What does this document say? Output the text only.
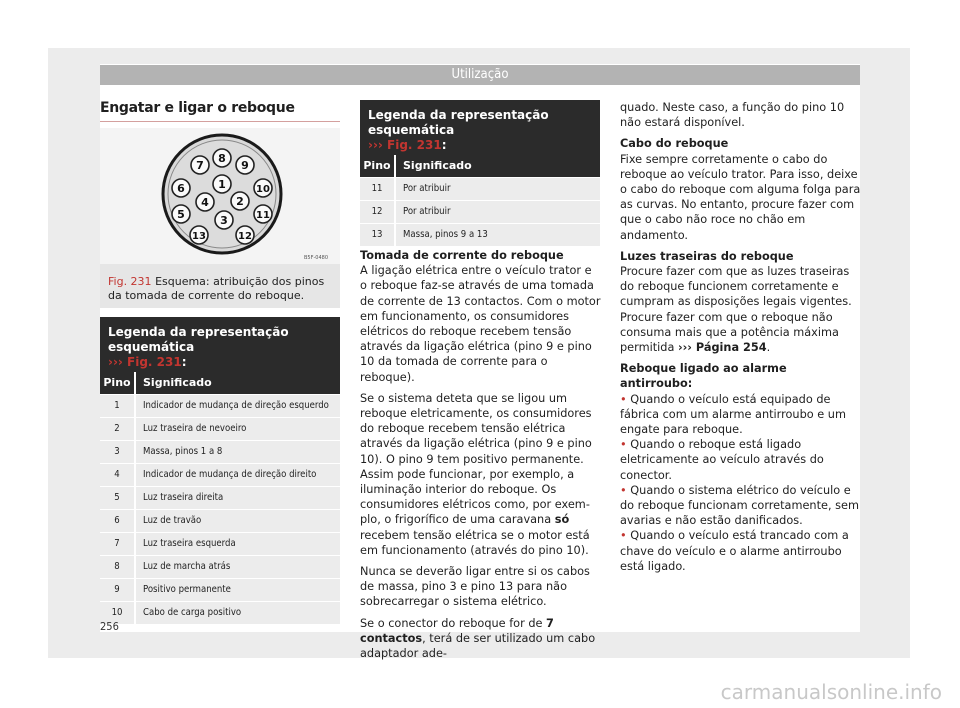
Utilização
Engatar e ligar o reboque
1
2
3
4
5
6
7
8
9
10
11
12
13
B5F-0480
Fig. 231 Esquema: atribuição dos pinos da tomada de corrente do reboque.
Legenda da representação esquemática
››› Fig. 231:
Pino	Significado
1	Indicador de mudança de direção esquerdo
2	Luz traseira de nevoeiro
3	Massa, pinos 1 a 8
4	Indicador de mudança de direção direito
5	Luz traseira direita
6	Luz de travão
7	Luz traseira esquerda
8	Luz de marcha atrás
9	Positivo permanente
10	Cabo de carga positivo
Legenda da representação esquemática
››› Fig. 231:
Pino	Significado
11	Por atribuir
12	Por atribuir
13	Massa, pinos 9 a 13

Tomada de corrente do reboque

A ligação elétrica entre o veículo trator e o reboque faz-se através de uma tomada de corrente de 13 contactos. Com o motor em funcionamento, os consumidores elétricos do reboque recebem tensão através da ligação elétrica (pino 9 e pino 10 da tomada de corrente para o reboque).

Se o sistema deteta que se ligou um reboque eletricamente, os consumidores do reboque recebem tensão elétrica através da ligação elétrica (pino 9 e pino 10). O pino 9 tem positivo permanente. Assim pode funcionar, por exemplo, a iluminação interior do reboque. Os consumidores elétricos como, por exemplo, o frigorífico de uma caravana só recebem tensão elétrica se o motor está em funcionamento (através do pino 10).

Nunca se deverão ligar entre si os cabos de massa, pino 3 e pino 13 para não sobrecarregar o sistema elétrico.

Se o conector do reboque for de 7 contactos, terá de ser utilizado um cabo adaptador ade-

quado. Neste caso, a função do pino 10 não estará disponível.

Cabo do reboque

Fixe sempre corretamente o cabo do reboque ao veículo trator. Para isso, deixe o cabo do reboque com alguma folga para as curvas. No entanto, procure fazer com que o cabo não roce no chão em andamento.

Luzes traseiras do reboque

Procure fazer com que as luzes traseiras do reboque funcionem corretamente e cumpram as disposições legais vigentes. Procure fazer com que o reboque não consuma mais que a potência máxima permitida ››› Página 254.

Reboque ligado ao alarme antirroubo:

• Quando o veículo está equipado de fábrica com um alarme antirroubo e um engate para reboque.

• Quando o reboque está ligado eletricamente ao veículo através do conector.

• Quando o sistema elétrico do veículo e do reboque funcionam corretamente, sem avarias e não estão danificados.

• Quando o veículo está trancado com a chave do veículo e o alarme antirroubo está ligado.

256
carmanualsonline.info
